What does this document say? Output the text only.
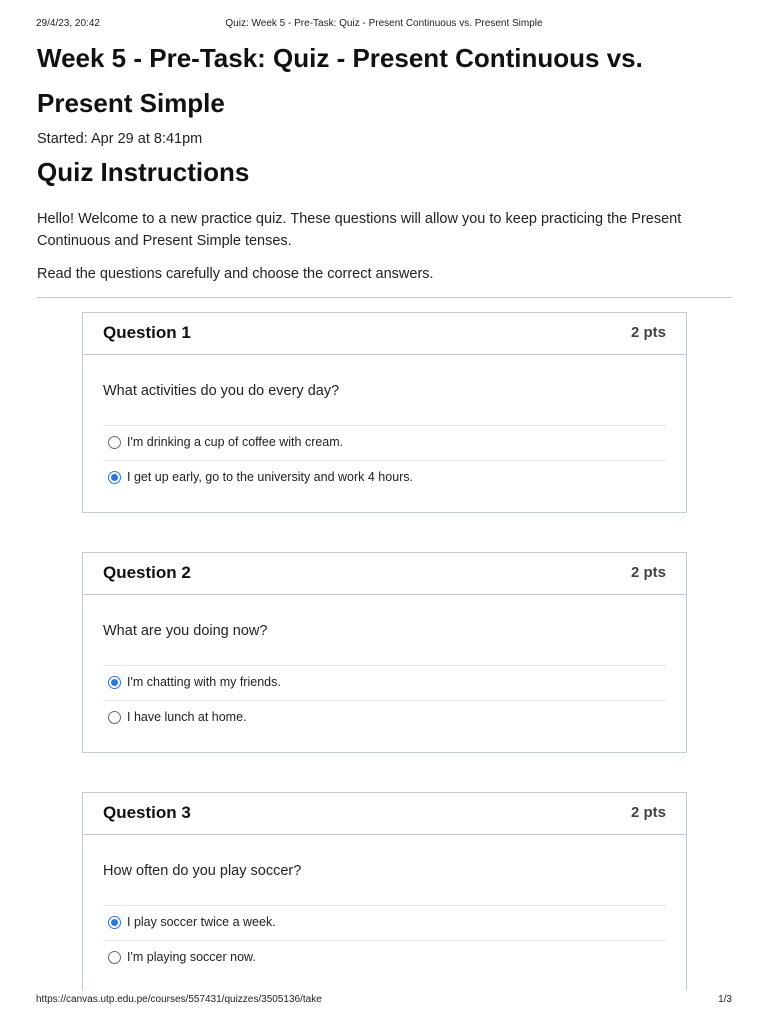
29/4/23, 20:42	Quiz: Week 5 - Pre-Task: Quiz - Present Continuous vs. Present Simple
Week 5 - Pre-Task: Quiz - Present Continuous vs. Present Simple
Started: Apr 29 at 8:41pm
Quiz Instructions

Hello! Welcome to a new practice quiz. These questions will allow you to keep practicing the Present Continuous and Present Simple tenses.

Read the questions carefully and choose the correct answers.

Question 1	2 pts

What activities do you do every day?

I'm drinking a cup of coffee with cream.
I get up early, go to the university and work 4 hours.
Question 2	2 pts

What are you doing now?

I'm chatting with my friends.
I have lunch at home.
Question 3	2 pts

How often do you play soccer?

I play soccer twice a week.
I'm playing soccer now.
https://canvas.utp.edu.pe/courses/557431/quizzes/3505136/take	1/3
